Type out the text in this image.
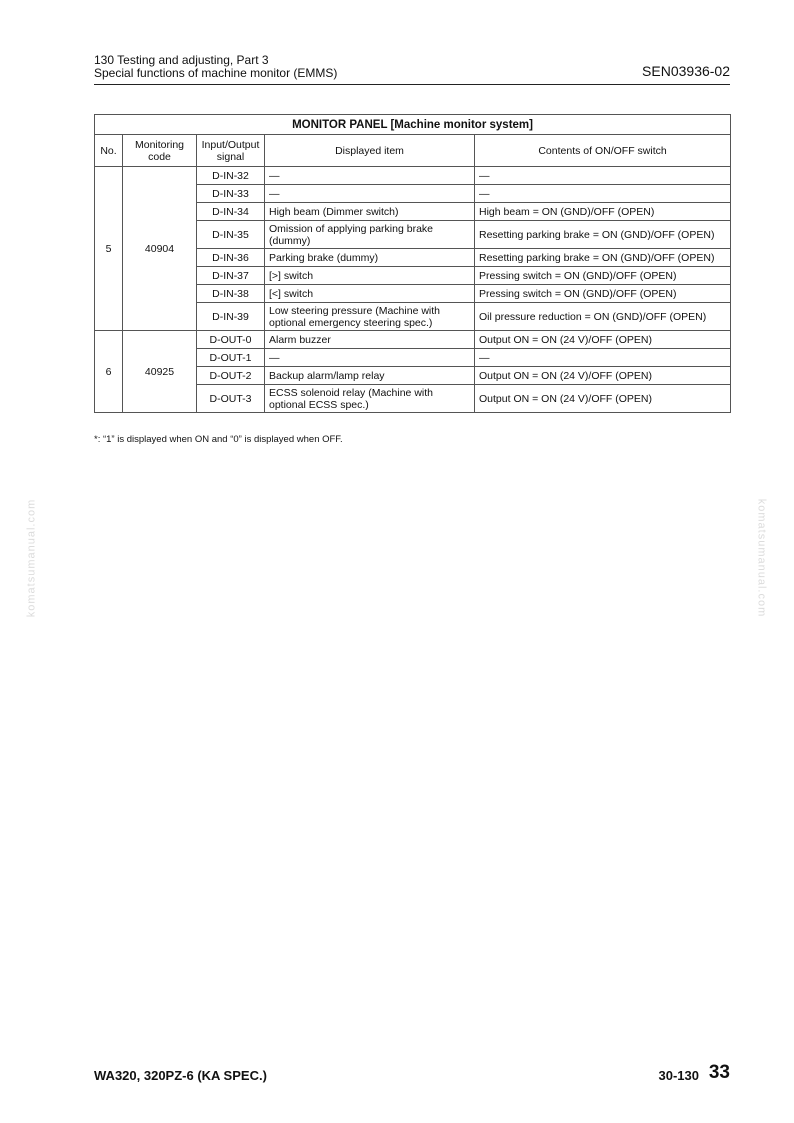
130 Testing and adjusting, Part 3
Special functions of machine monitor (EMMS)	SEN03936-02
MONITOR PANEL [Machine monitor system]				
No.	Monitoring code	Input/Output signal	Displayed item	Contents of ON/OFF switch
5	40904	D-IN-32	—	—
		D-IN-33	—	—
		D-IN-34	High beam (Dimmer switch)	High beam = ON (GND)/OFF (OPEN)
		D-IN-35	Omission of applying parking brake (dummy)	Resetting parking brake = ON (GND)/OFF (OPEN)
		D-IN-36	Parking brake (dummy)	Resetting parking brake = ON (GND)/OFF (OPEN)
		D-IN-37	[>] switch	Pressing switch = ON (GND)/OFF (OPEN)
		D-IN-38	[<] switch	Pressing switch = ON (GND)/OFF (OPEN)
		D-IN-39	Low steering pressure (Machine with optional emergency steering spec.)	Oil pressure reduction = ON (GND)/OFF (OPEN)
6	40925	D-OUT-0	Alarm buzzer	Output ON = ON (24 V)/OFF (OPEN)
		D-OUT-1	—	—
		D-OUT-2	Backup alarm/lamp relay	Output ON = ON (24 V)/OFF (OPEN)
		D-OUT-3	ECSS solenoid relay (Machine with optional ECSS spec.)	Output ON = ON (24 V)/OFF (OPEN)
*: “1” is displayed when ON and “0” is displayed when OFF.
komatsumanual.com	komatsumanual.com
WA320, 320PZ-6 (KA SPEC.)	30-130 33
